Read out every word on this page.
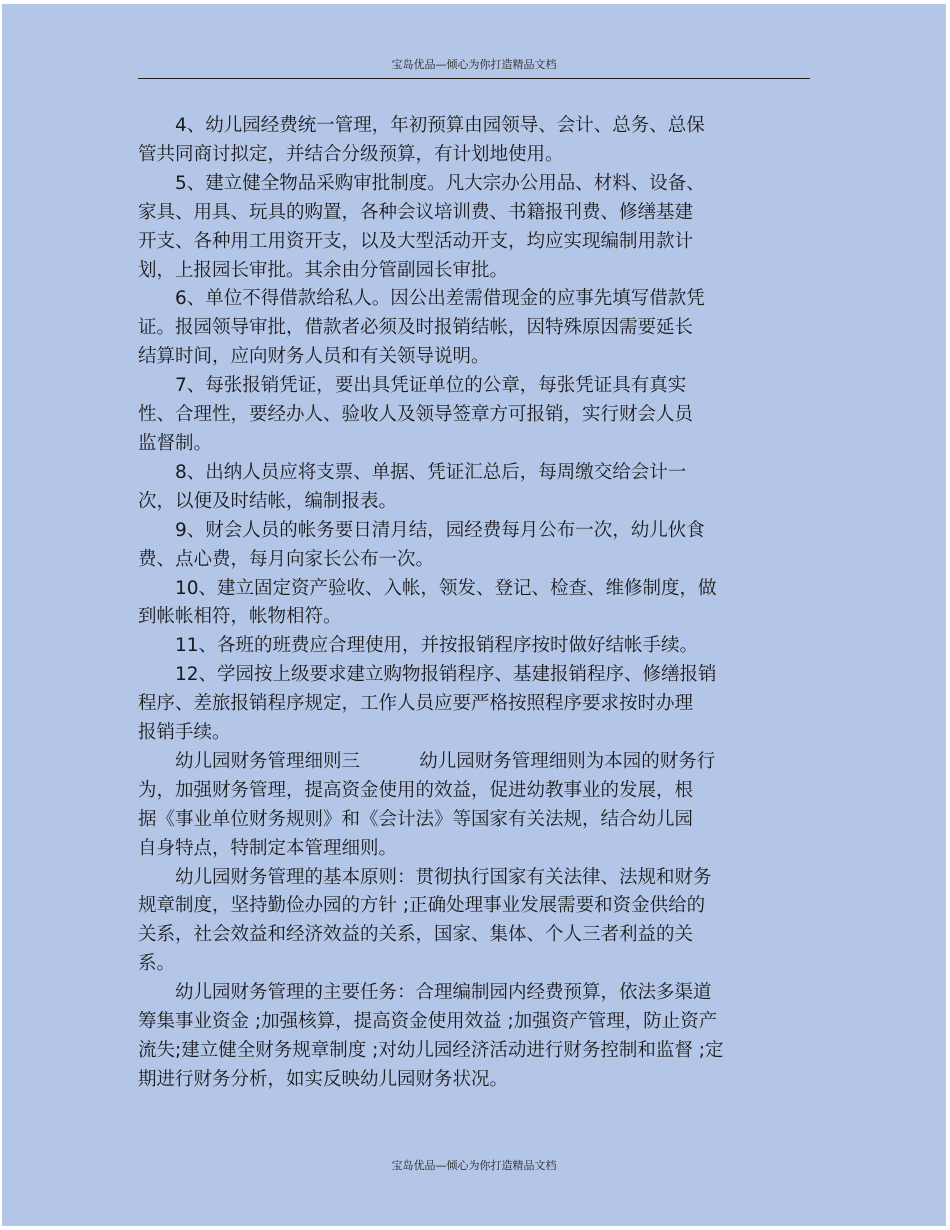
宝岛优品—倾心为你打造精品文档

4、幼儿园经费统一管理，年初预算由园领导、会计、总务、总保
管共同商讨拟定，并结合分级预算，有计划地使用。

5、建立健全物品采购审批制度。凡大宗办公用品、材料、设备、
家具、用具、玩具的购置，各种会议培训费、书籍报刊费、修缮基建
开支、各种用工用资开支，以及大型活动开支，均应实现编制用款计
划，上报园长审批。其余由分管副园长审批。

6、单位不得借款给私人。因公出差需借现金的应事先填写借款凭
证。报园领导审批，借款者必须及时报销结帐，因特殊原因需要延长
结算时间，应向财务人员和有关领导说明。

7、每张报销凭证，要出具凭证单位的公章，每张凭证具有真实
性、合理性，要经办人、验收人及领导签章方可报销，实行财会人员
监督制。

8、出纳人员应将支票、单据、凭证汇总后，每周缴交给会计一
次，以便及时结帐，编制报表。

9、财会人员的帐务要日清月结，园经费每月公布一次，幼儿伙食
费、点心费，每月向家长公布一次。

10、建立固定资产验收、入帐，领发、登记、检查、维修制度，做
到帐帐相符，帐物相符。

11、各班的班费应合理使用，并按报销程序按时做好结帐手续。

12、学园按上级要求建立购物报销程序、基建报销程序、修缮报销
程序、差旅报销程序规定，工作人员应要严格按照程序要求按时办理
报销手续。

幼儿园财务管理细则三	幼儿园财务管理细则为本园的财务行
为，加强财务管理，提高资金使用的效益，促进幼教事业的发展，根
据《事业单位财务规则》和《会计法》等国家有关法规，结合幼儿园
自身特点，特制定本管理细则。

幼儿园财务管理的基本原则：贯彻执行国家有关法律、法规和财务
规章制度，坚持勤俭办园的方针 ;正确处理事业发展需要和资金供给的
关系，社会效益和经济效益的关系，国家、集体、个人三者利益的关
系。

幼儿园财务管理的主要任务：合理编制园内经费预算，依法多渠道
筹集事业资金 ;加强核算，提高资金使用效益 ;加强资产管理，防止资产
流失;建立健全财务规章制度 ;对幼儿园经济活动进行财务控制和监督 ;定
期进行财务分析，如实反映幼儿园财务状况。

宝岛优品—倾心为你打造精品文档
